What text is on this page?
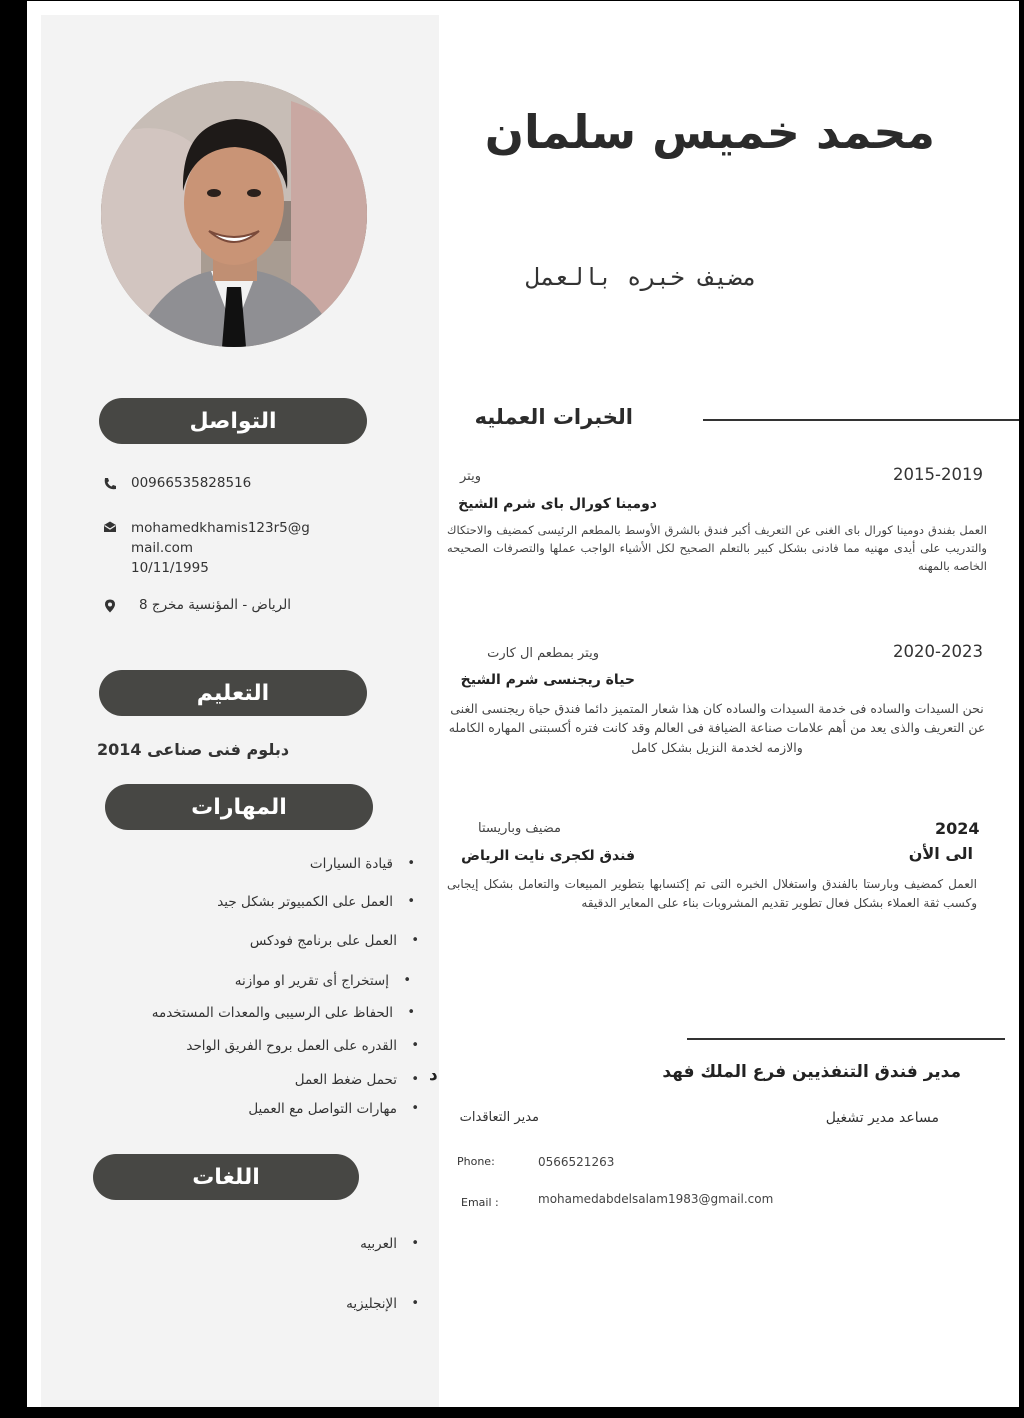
التواصل
00966535828516
mohamedkhamis123r5@g
mail.com
10/11/1995
الرياض - المؤنسية مخرج 8
التعليم
دبلوم فنى صناعى 2014
المهارات
• قيادة السيارات
• العمل على الكمبيوتر بشكل جيد
• العمل على برنامج فودكس
• إستخراج أى تقرير او موازنه
• الحفاظ على الرسيبى والمعدات المستخدمه
• القدره على العمل بروح الفريق الواحد
• تحمل ضغط العمل
• مهارات التواصل مع العميل
اللغات
• العربيه
• الإنجليزيه
محمد خميس سلمان
مضيف خبره بالعمل
الخبرات العمليه
2015-2019
ويتر
دومينا كورال باى شرم الشيخ
العمل بفندق دومينا كورال باى الغنى عن التعريف أكبر فندق بالشرق الأوسط بالمطعم الرئيسى كمضيف والاحتكاك والتدريب على أيدى مهنيه مما فادنى بشكل كبير بالتعلم الصحيح لكل الأشياء الواجب عملها والتصرفات الصحيحه الخاصه بالمهنه
2020-2023
ويتر بمطعم ال كارت
حياة ريجنسى شرم الشيخ
نحن السيدات والساده فى خدمة السيدات والساده كان هذا شعار المتميز دائما فندق حياة ريجنسى الغنى عن التعريف والذى يعد من أهم علامات صناعة الضيافة فى العالم وقد كانت فتره أكسبتنى المهاره الكامله والازمه لخدمة النزيل بشكل كامل
2024
الى الأن
مضيف وباريستا
فندق لكجرى نايت الرياض
العمل كمضيف وبارستا بالفندق واستغلال الخبره التى تم إكتسابها بتطوير المبيعات والتعامل بشكل إيجابى وكسب ثقة العملاء بشكل فعال تطوير تقديم المشروبات بناء على المعاير الدقيقه
مدير فندق التنفذيين فرع الملك فهد
د
مساعد مدير تشغيل
مدير التعاقدات
Phone:	0566521263
Email :	mohamedabdelsalam1983@gmail.com
